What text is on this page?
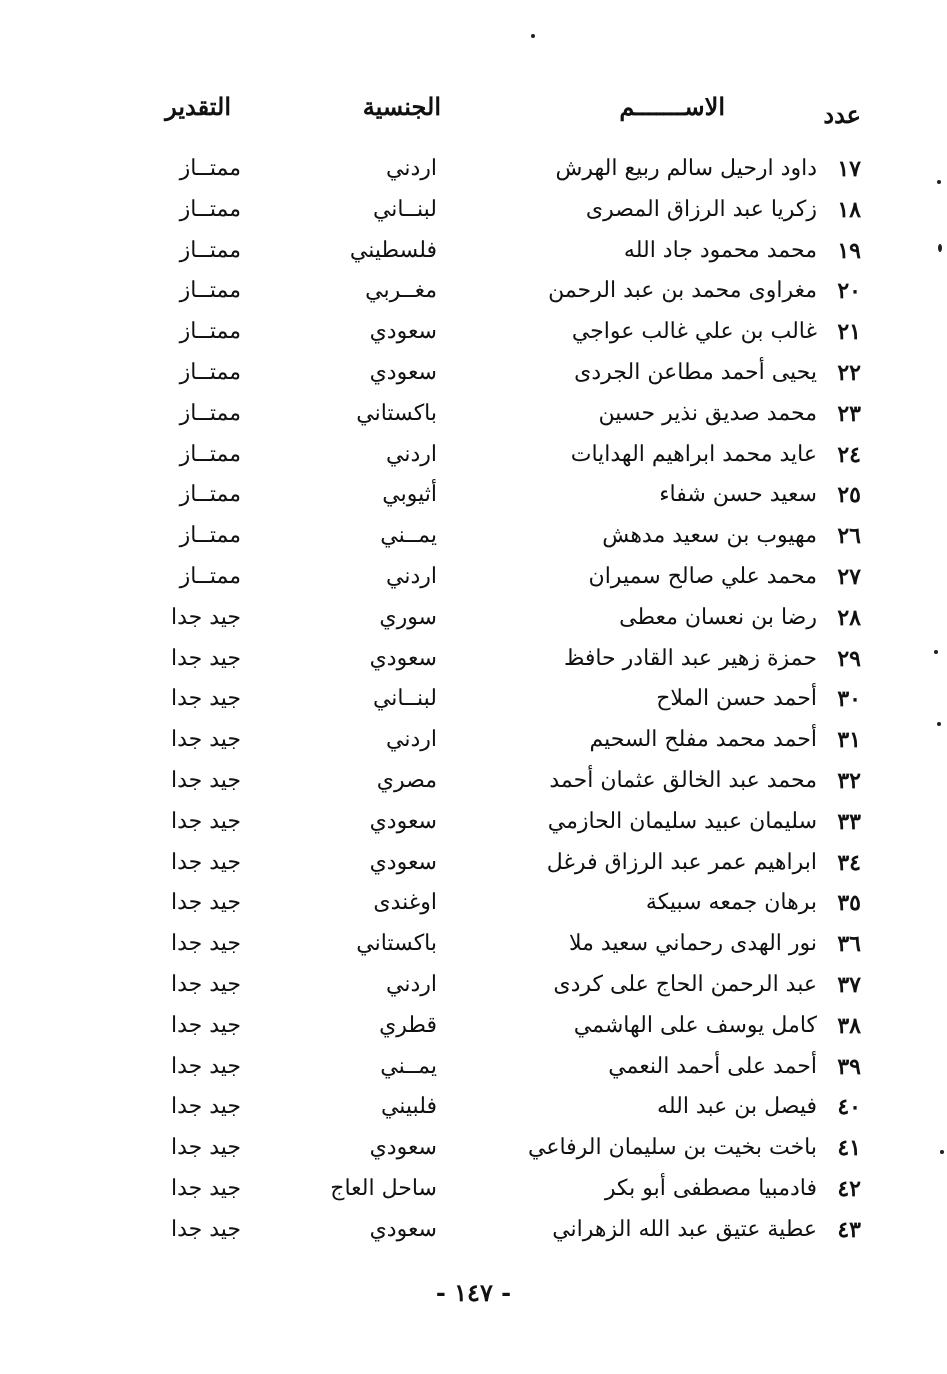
عدد
الاســـــــم
الجنسية
التقدير
١٧
داود ارحيل سالم ربيع الهرش
اردني
ممتــاز
١٨
زكريا عبد الرزاق المصرى
لبنــاني
ممتــاز
١٩
محمد محمود جاد الله
فلسطيني
ممتــاز
٢٠
مغراوى محمد بن عبد الرحمن
مغــربي
ممتــاز
٢١
غالب بن علي غالب عواجي
سعودي
ممتــاز
٢٢
يحيى أحمد مطاعن الجردى
سعودي
ممتــاز
٢٣
محمد صديق نذير حسين
باكستاني
ممتــاز
٢٤
عايد محمد ابراهيم الهدايات
اردني
ممتــاز
٢٥
سعيد حسن شفاء
أثيوبي
ممتــاز
٢٦
مهيوب بن سعيد مدهش
يمــني
ممتــاز
٢٧
محمد علي صالح سميران
اردني
ممتــاز
٢٨
رضا بن نعسان معطى
سوري
جيد جدا
٢٩
حمزة زهير عبد القادر حافظ
سعودي
جيد جدا
٣٠
أحمد حسن الملاح
لبنــاني
جيد جدا
٣١
أحمد محمد مفلح السحيم
اردني
جيد جدا
٣٢
محمد عبد الخالق عثمان أحمد
مصري
جيد جدا
٣٣
سليمان عبيد سليمان الحازمي
سعودي
جيد جدا
٣٤
ابراهيم عمر عبد الرزاق فرغل
سعودي
جيد جدا
٣٥
برهان جمعه سبيكة
اوغندى
جيد جدا
٣٦
نور الهدى رحماني سعيد ملا
باكستاني
جيد جدا
٣٧
عبد الرحمن الحاج على كردى
اردني
جيد جدا
٣٨
كامل يوسف على الهاشمي
قطري
جيد جدا
٣٩
أحمد على أحمد النعمي
يمــني
جيد جدا
٤٠
فيصل بن عبد الله
فلبيني
جيد جدا
٤١
باخت بخيت بن سليمان الرفاعي
سعودي
جيد جدا
٤٢
فادمبيا مصطفى أبو بكر
ساحل العاج
جيد جدا
٤٣
عطية عتيق عبد الله الزهراني
سعودي
جيد جدا
- ١٤٧ -
